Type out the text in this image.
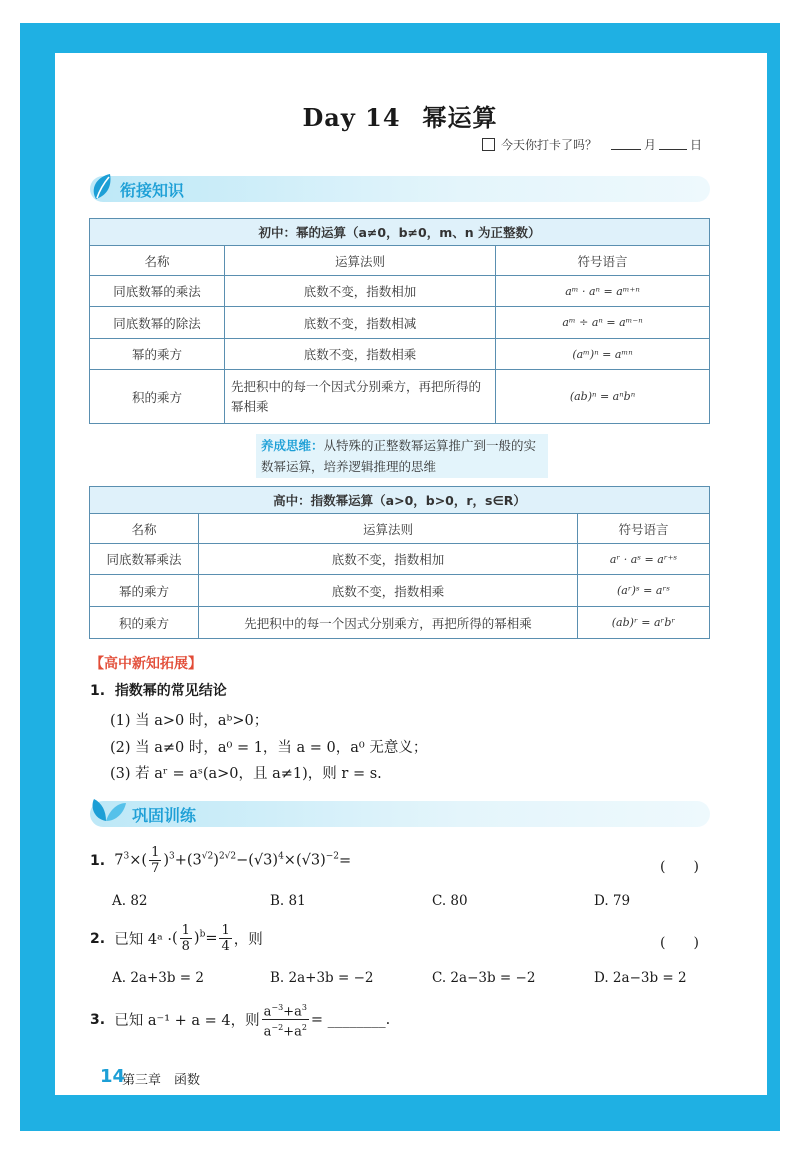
Day 14 幂运算
今天你打卡了吗？	月	日
衔接知识
初中：幂的运算（a≠0，b≠0，m、n 为正整数）		
名称	运算法则	符号语言
同底数幂的乘法	底数不变，指数相加	aᵐ · aⁿ = aᵐ⁺ⁿ
同底数幂的除法	底数不变，指数相减	aᵐ ÷ aⁿ = aᵐ⁻ⁿ
幂的乘方	底数不变，指数相乘	(aᵐ)ⁿ = aᵐⁿ
积的乘方	先把积中的每一个因式分别乘方，再把所得的幂相乘	(ab)ⁿ = aⁿbⁿ
养成思维：从特殊的正整数幂运算推广到一般的实数幂运算，培养逻辑推理的思维
高中：指数幂运算（a>0，b>0，r，s∈R）		
名称	运算法则	符号语言
同底数幂乘法	底数不变，指数相加	aʳ · aˢ = aʳ⁺ˢ
幂的乘方	底数不变，指数相乘	(aʳ)ˢ = aʳˢ
积的乘方	先把积中的每一个因式分别乘方，再把所得的幂相乘	(ab)ʳ = aʳbʳ
【高中新知拓展】
1. 指数幂的常见结论
(1) 当 a>0 时，aᵇ>0；
(2) 当 a≠0 时，a⁰ = 1，当 a = 0，a⁰ 无意义；
(3) 若 aʳ = aˢ(a>0，且 a≠1)，则 r = s.
巩固训练
1.
$7^3\times( \frac{1}{7} )^3+(3^{√2})^{2√2}-(√3)^4\times(√3)^{-2}$ =	(　　)
A. 82	B. 81	C. 80	D. 79
2.
已知 4ᵃ · ( $\frac{1}{8} )^b= \frac{1}{4}$ ，则	(　　)
A. 2a+3b = 2	B. 2a+3b = −2	C. 2a−3b = −2	D. 2a−3b = 2
3.
已知 a⁻¹ + a = 4，则 $\frac{a^{-3}+a^3}{a^{-2}+a^2}$ = ________.
14
第三章　函数
